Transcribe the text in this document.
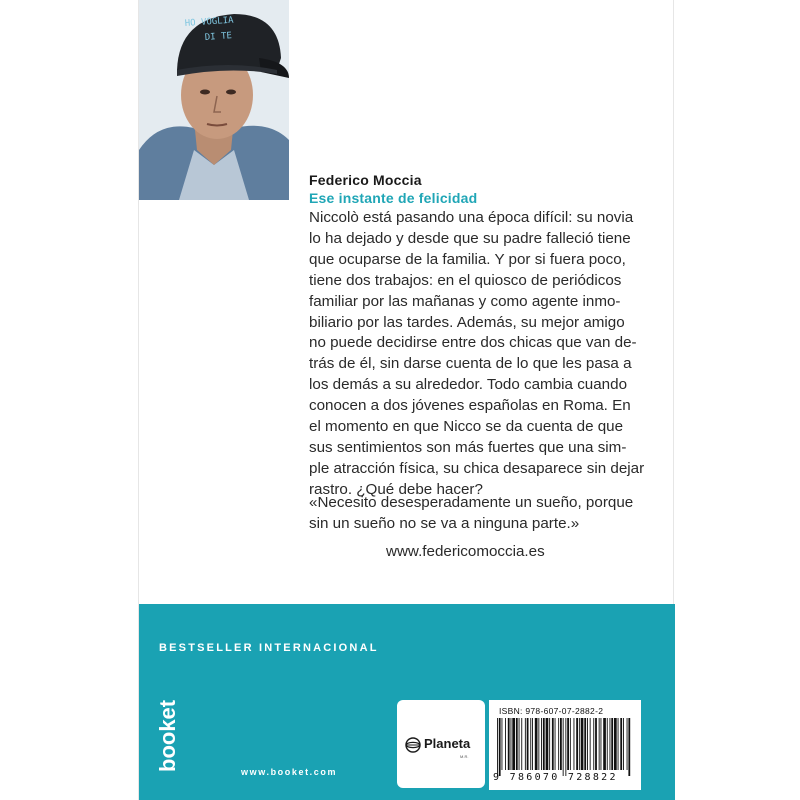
HO VOGLIA
DI TE
Federico Moccia
Ese instante de felicidad
Niccolò está pasando una época difícil: su novia
lo ha dejado y desde que su padre falleció tiene
que ocuparse de la familia. Y por si fuera poco,
tiene dos trabajos: en el quiosco de periódicos
familiar por las mañanas y como agente inmo-
biliario por las tardes. Además, su mejor amigo
no puede decidirse entre dos chicas que van de-
trás de él, sin darse cuenta de lo que les pasa a
los demás a su alrededor. Todo cambia cuando
conocen a dos jóvenes españolas en Roma. En
el momento en que Nicco se da cuenta de que
sus sentimientos son más fuertes que una sim-
ple atracción física, su chica desaparece sin dejar
rastro. ¿Qué debe hacer?
«Necesito desesperadamente un sueño, porque
sin un sueño no se va a ninguna parte.»
www.federicomoccia.es
BESTSELLER INTERNACIONAL
booket	www.booket.com
Planeta
M.R.
ISBN: 978-607-07-2882-2
9 786070 728822
